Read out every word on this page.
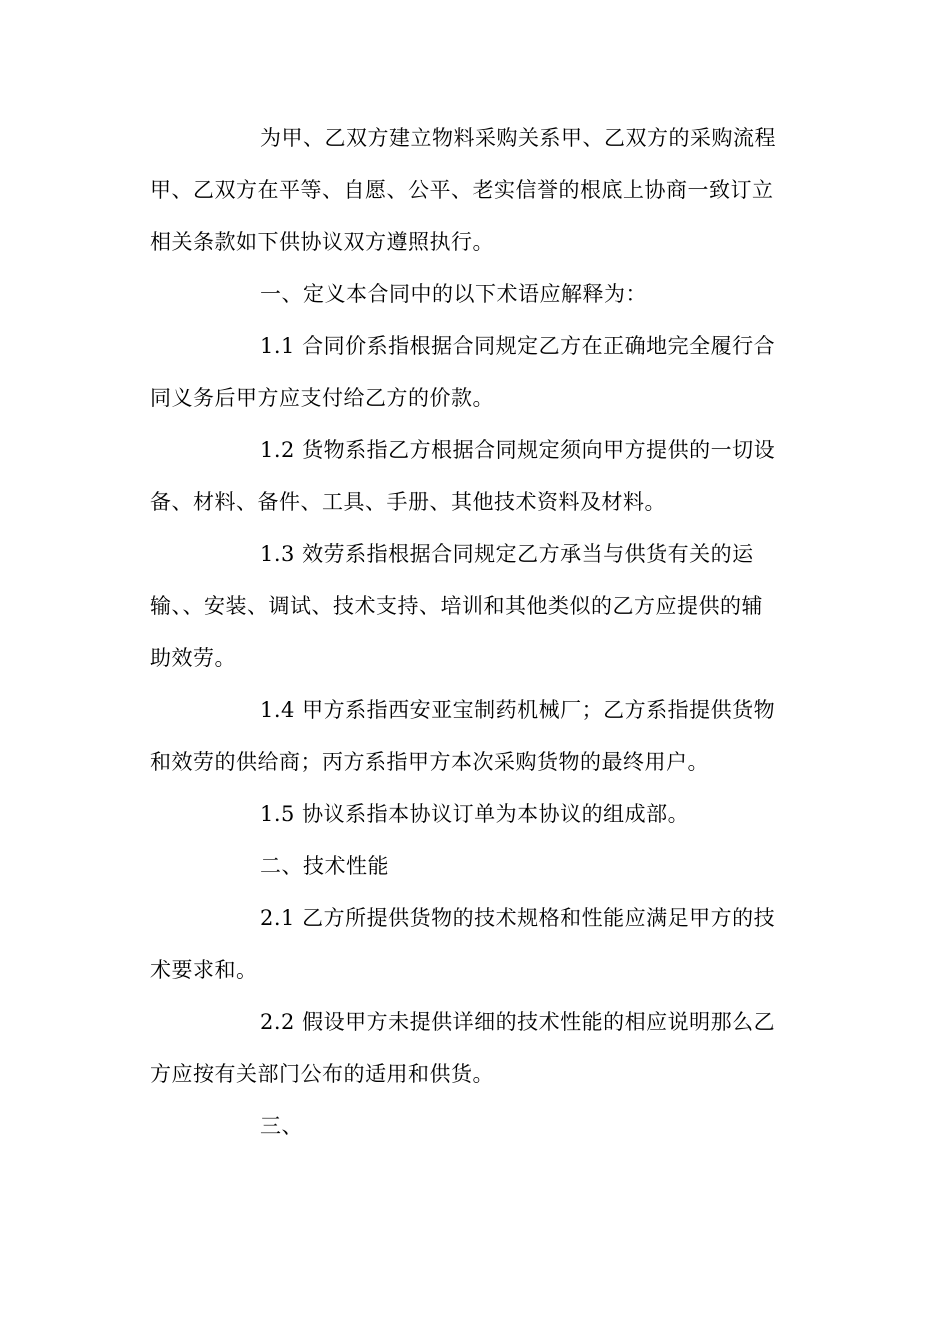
为甲、乙双方建立物料采购关系甲、乙双方的采购流程
甲、乙双方在平等、自愿、公平、老实信誉的根底上协商一致订立
相关条款如下供协议双方遵照执行。

一、定义本合同中的以下术语应解释为：

1.1 合同价系指根据合同规定乙方在正确地完全履行合
同义务后甲方应支付给乙方的价款。

1.2 货物系指乙方根据合同规定须向甲方提供的一切设
备、材料、备件、工具、手册、其他技术资料及材料。

1.3 效劳系指根据合同规定乙方承当与供货有关的运
输、、安装、调试、技术支持、培训和其他类似的乙方应提供的辅
助效劳。

1.4 甲方系指西安亚宝制药机械厂；乙方系指提供货物
和效劳的供给商；丙方系指甲方本次采购货物的最终用户。

1.5 协议系指本协议订单为本协议的组成部。

二、技术性能

2.1 乙方所提供货物的技术规格和性能应满足甲方的技
术要求和。

2.2 假设甲方未提供详细的技术性能的相应说明那么乙
方应按有关部门公布的适用和供货。

三、
